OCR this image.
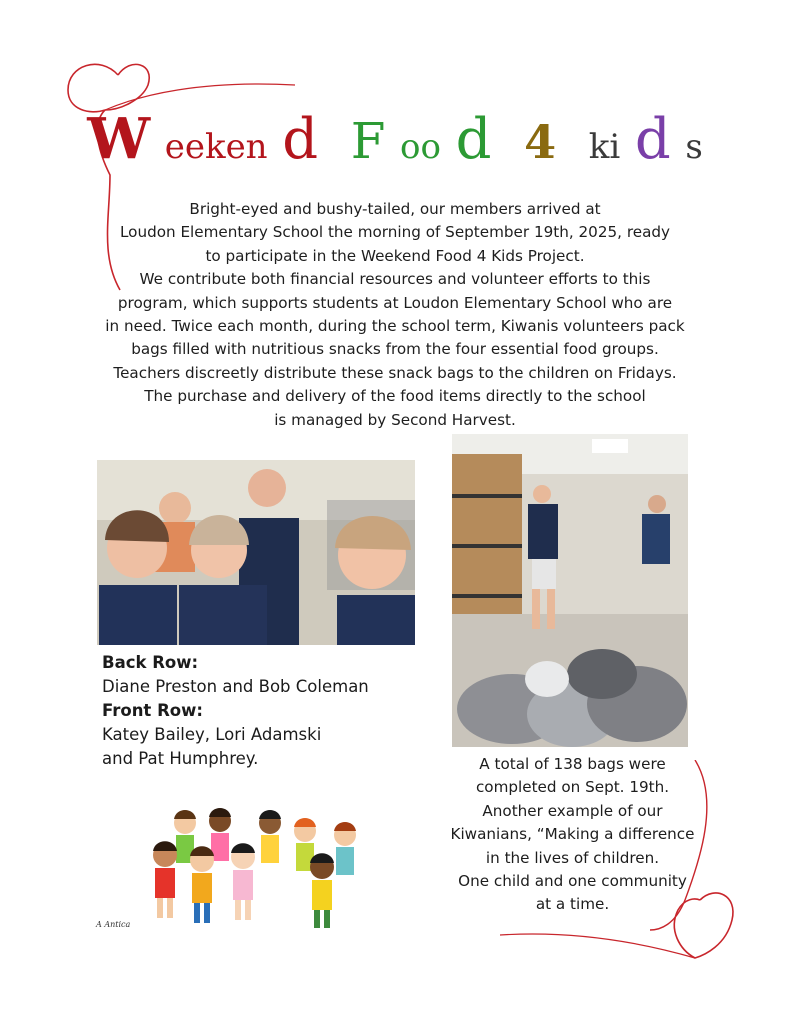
W eeken d F oo d 4 ki d s
Bright-eyed and bushy-tailed, our members arrived at
Loudon Elementary School the morning of September 19th, 2025, ready
to participate in the Weekend Food 4 Kids Project.
We contribute both financial resources and volunteer efforts to this
program, which supports students at Loudon Elementary School who are
in need. Twice each month, during the school term, Kiwanis volunteers pack
bags filled with nutritious snacks from the four essential food groups.
Teachers discreetly distribute these snack bags to the children on Fridays.
The purchase and delivery of the food items directly to the school
is managed by Second Harvest.
Back Row:
Diane Preston and Bob Coleman
Front Row:
Katey Bailey, Lori Adamski
and Pat Humphrey.	A total of 138 bags were
completed on Sept. 19th.
Another example of our
Kiwanians, “Making a difference
in the lives of children.
One child and one community
at a time.
A Antica
